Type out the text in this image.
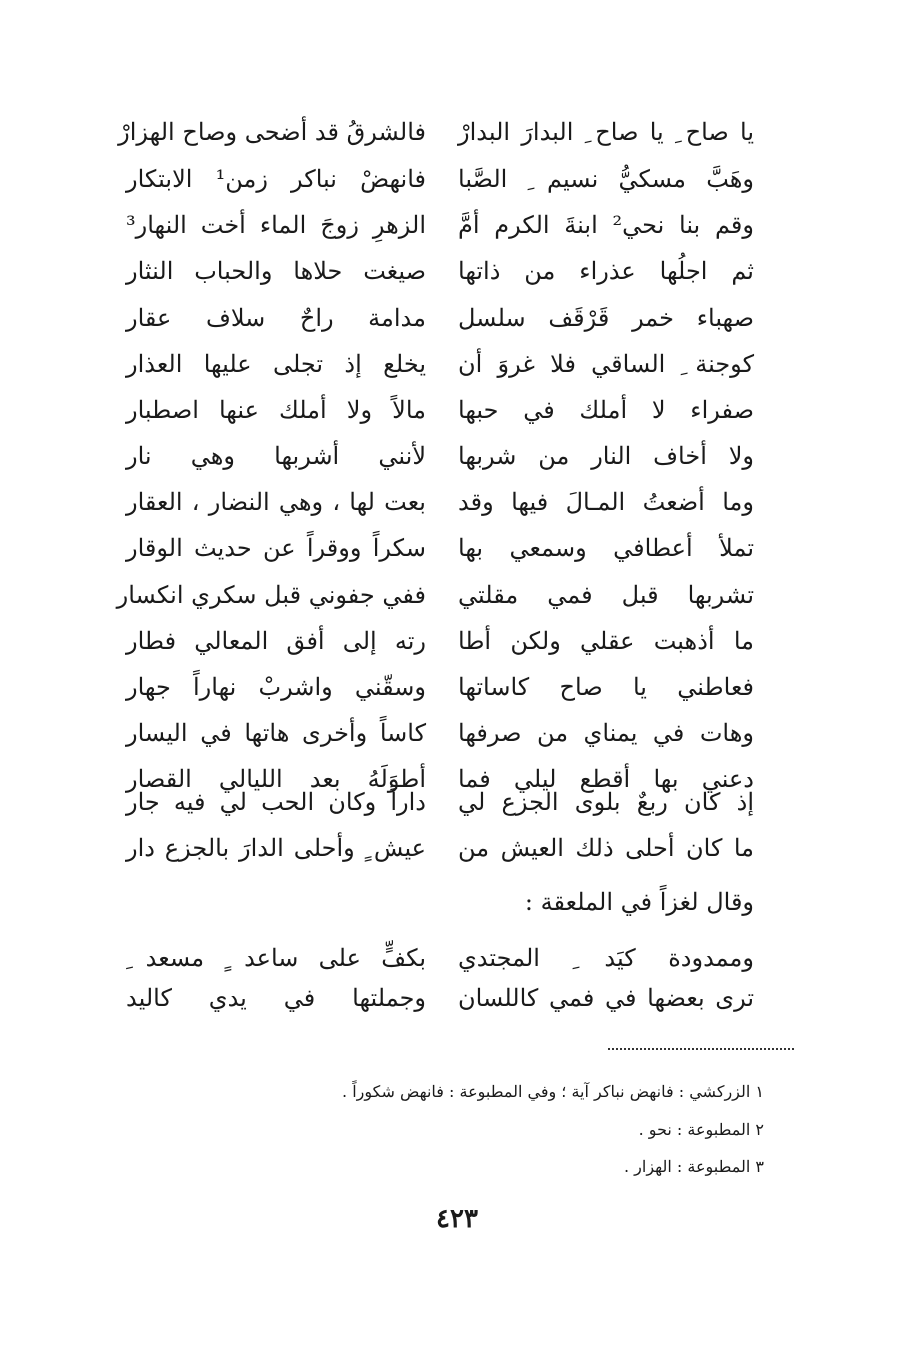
يا صاح ِ يا صاح ِ البدارَ البدارْ
فالشرقُ قد أضحى وصاح الهزارْ
وهَبَّ مسكيُّ نسيم ِ الصَّبا
فانهضْ نباكر زمن¹ الابتكار
وقم بنا نحي² ابنةَ الكرم أمَّ
الزهرِ زوجَ الماء أخت النهار³
ثم اجلُها عذراء من ذاتها
صيغت حلاها والحباب النثار
صهباء خمر قَرْقَف سلسل
مدامة راحٌ سلاف عقار
كوجنة ِ الساقي فلا غروَ أن
يخلع إذ تجلى عليها العذار
صفراء لا أملك في حبها
مالاً ولا أملك عنها اصطبار
ولا أخاف النار من شربها
لأنني أشربها وهي نار
وما أضعتُ المـالَ فيها وقد
بعت لها ، وهي النضار ، العقار
تملأ أعطافي وسمعي بها
سكراً ووقراً عن حديث الوقار
تشربها قبل فمي مقلتي
ففي جفوني قبل سكري انكسار
ما أذهبت عقلي ولكن أطا
رته إلى أفق المعالي فطار
فعاطني يا صاح كاساتها
وسقّني واشربْ نهاراً جهار
وهات في يمناي من صرفها
كاساً وأخرى هاتها في اليسار
دعني بها أقطع ليلي فما
أطوَلَهُ بعد الليالي القصار
إذ كان ربعٌ بلوى الجزع لي
داراً وكان الحب لي فيه جار
ما كان أحلى ذلك العيش من
عيش ٍ وأحلى الدارَ بالجزع دار
وقال لغزاً في الملعقة :
وممدودة كيَد ِ المجتدي
بكفٍّ على ساعد ٍ مسعد ِ
ترى بعضها في فمي كاللسان
وجملتها في يدي كاليد
١ الزركشي : فانهض نباكر آية ؛ وفي المطبوعة : فانهض شكوراً .
٢ المطبوعة : نحو .
٣ المطبوعة : الهزار .
٤٢٣
